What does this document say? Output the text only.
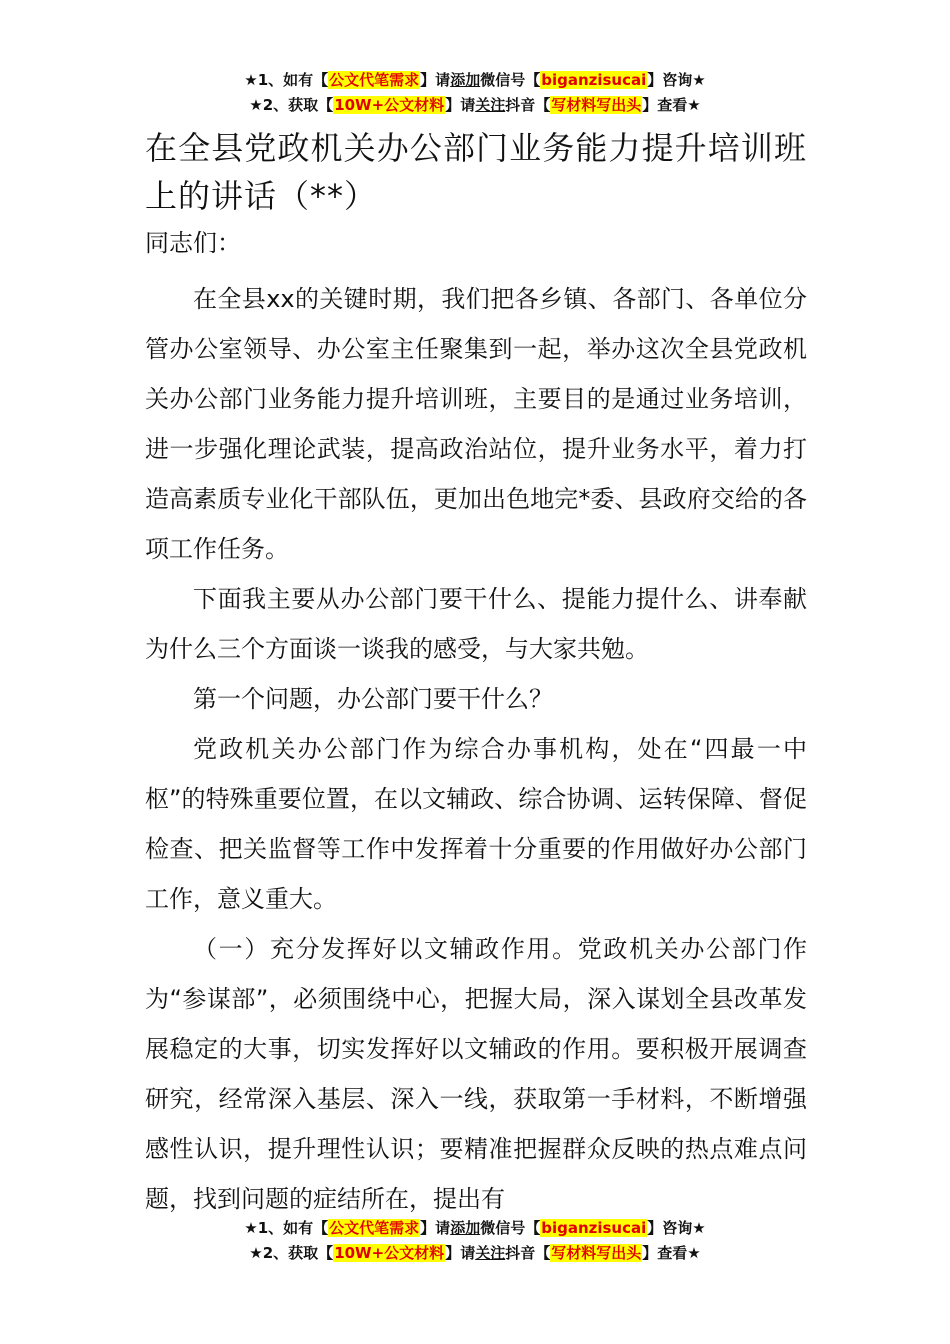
★1、如有【公文代笔需求】请添加微信号【biganzisucai】咨询★
★2、获取【10W+公文材料】请关注抖音【写材料写出头】查看★
在全县党政机关办公部门业务能力提升培训班上的讲话（**）

同志们：

在全县xx的关键时期，我们把各乡镇、各部门、各单位分管办公室领导、办公室主任聚集到一起，举办这次全县党政机关办公部门业务能力提升培训班，主要目的是通过业务培训，进一步强化理论武装，提高政治站位，提升业务水平，着力打造高素质专业化干部队伍，更加出色地完*委、县政府交给的各项工作任务。

下面我主要从办公部门要干什么、提能力提什么、讲奉献为什么三个方面谈一谈我的感受，与大家共勉。

第一个问题，办公部门要干什么？

党政机关办公部门作为综合办事机构，处在“四最一中枢”的特殊重要位置，在以文辅政、综合协调、运转保障、督促检查、把关监督等工作中发挥着十分重要的作用做好办公部门工作，意义重大。

（一）充分发挥好以文辅政作用。党政机关办公部门作为“参谋部”，必须围绕中心，把握大局，深入谋划全县改革发展稳定的大事，切实发挥好以文辅政的作用。要积极开展调查研究，经常深入基层、深入一线，获取第一手材料，不断增强感性认识，提升理性认识；要精准把握群众反映的热点难点问题，找到问题的症结所在，提出有

★1、如有【公文代笔需求】请添加微信号【biganzisucai】咨询★
★2、获取【10W+公文材料】请关注抖音【写材料写出头】查看★
